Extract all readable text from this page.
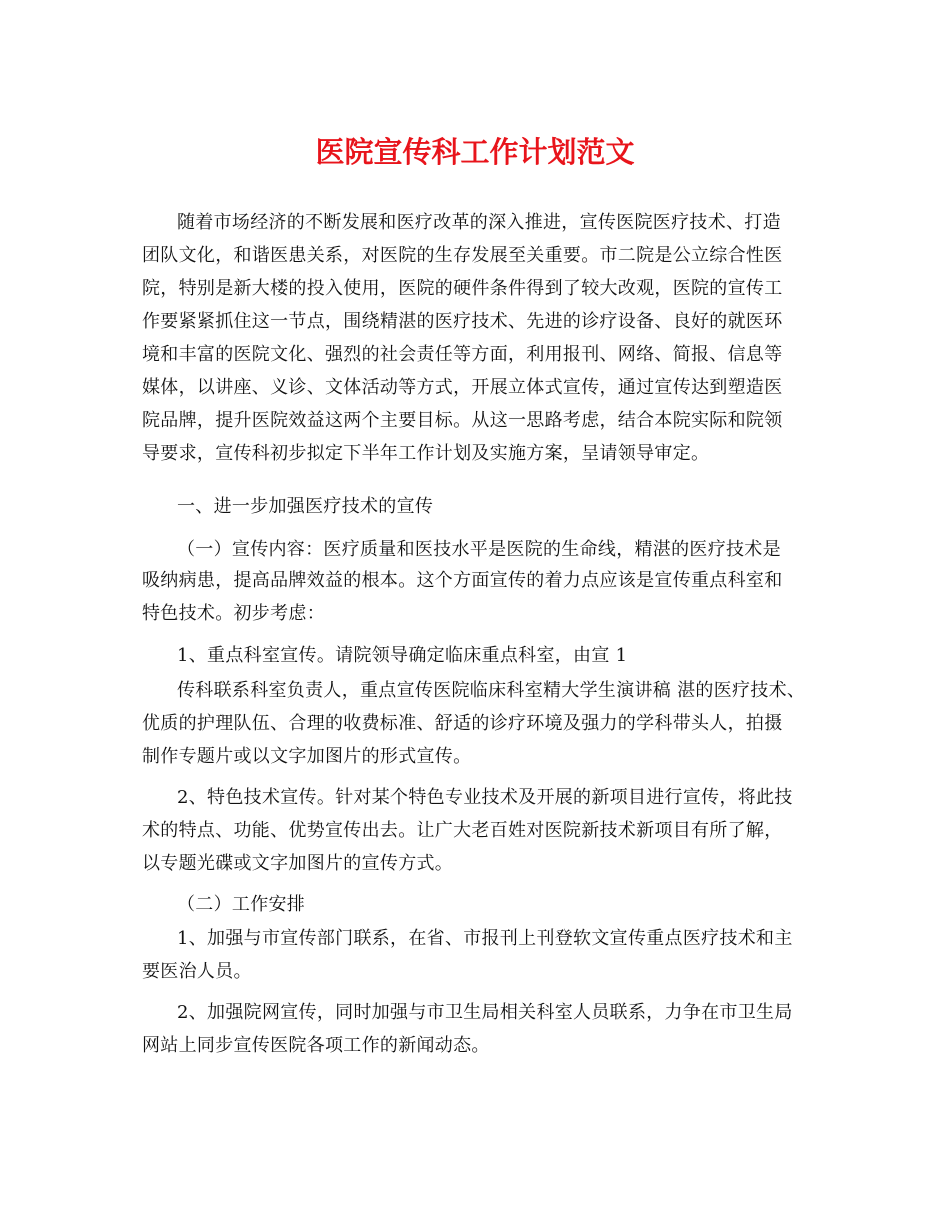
医院宣传科工作计划范文
随着市场经济的不断发展和医疗改革的深入推进，宣传医院医疗技术、打造
团队文化，和谐医患关系，对医院的生存发展至关重要。市二院是公立综合性医
院，特别是新大楼的投入使用，医院的硬件条件得到了较大改观，医院的宣传工
作要紧紧抓住这一节点，围绕精湛的医疗技术、先进的诊疗设备、良好的就医环
境和丰富的医院文化、强烈的社会责任等方面，利用报刊、网络、简报、信息等
媒体，以讲座、义诊、文体活动等方式，开展立体式宣传，通过宣传达到塑造医
院品牌，提升医院效益这两个主要目标。从这一思路考虑，结合本院实际和院领
导要求，宣传科初步拟定下半年工作计划及实施方案，呈请领导审定。
一、进一步加强医疗技术的宣传
（一）宣传内容：医疗质量和医技水平是医院的生命线，精湛的医疗技术是
吸纳病患，提高品牌效益的根本。这个方面宣传的着力点应该是宣传重点科室和
特色技术。初步考虑：
1、重点科室宣传。请院领导确定临床重点科室，由宣 1
传科联系科室负责人，重点宣传医院临床科室精大学生演讲稿 湛的医疗技术、
优质的护理队伍、合理的收费标准、舒适的诊疗环境及强力的学科带头人，拍摄
制作专题片或以文字加图片的形式宣传。
2、特色技术宣传。针对某个特色专业技术及开展的新项目进行宣传，将此技
术的特点、功能、优势宣传出去。让广大老百姓对医院新技术新项目有所了解，
以专题光碟或文字加图片的宣传方式。
（二）工作安排
1、加强与市宣传部门联系，在省、市报刊上刊登软文宣传重点医疗技术和主
要医治人员。
2、加强院网宣传，同时加强与市卫生局相关科室人员联系，力争在市卫生局
网站上同步宣传医院各项工作的新闻动态。
